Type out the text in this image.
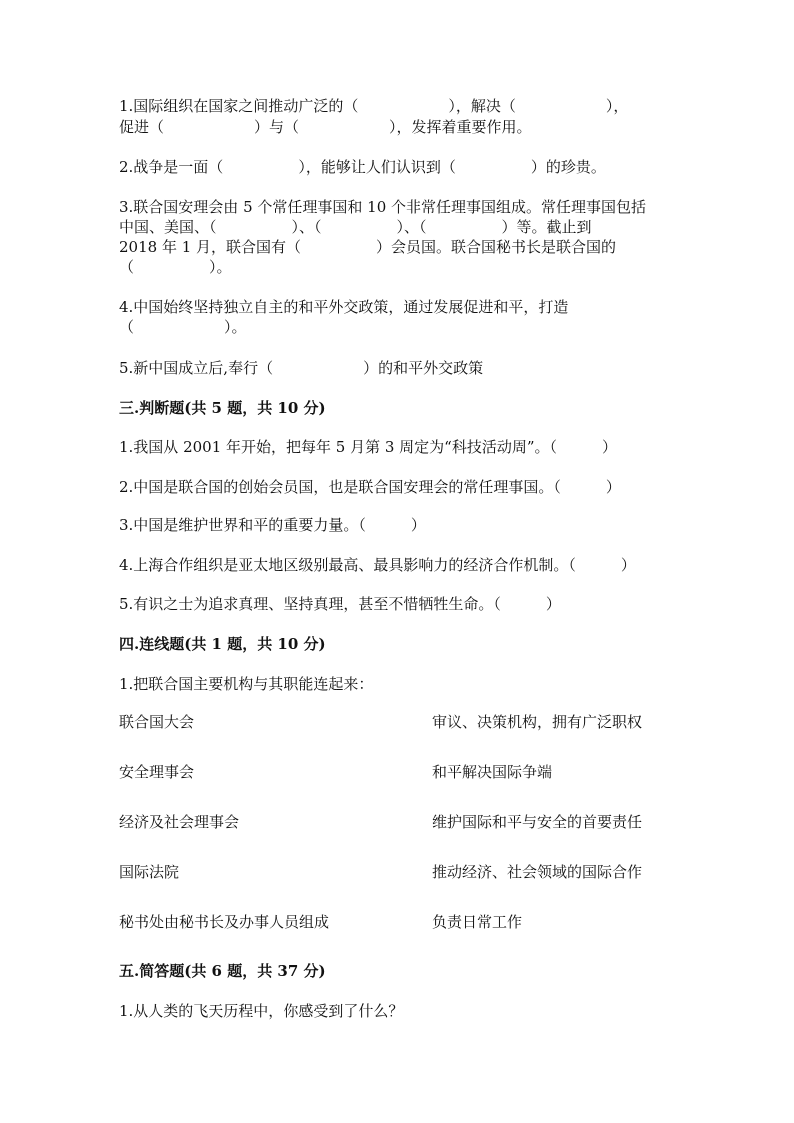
1.国际组织在国家之间推动广泛的（　　　　　　），解决（　　　　　　），
促进（　　　　　　）与（　　　　　　），发挥着重要作用。
2.战争是一面（　　　　　），能够让人们认识到（　　　　　）的珍贵。
3.联合国安理会由 5 个常任理事国和 10 个非常任理事国组成。常任理事国包括
中国、美国、（　　　　　）、（　　　　　）、（　　　　　）等。截止到
2018 年 1 月，联合国有（　　　　　）会员国。联合国秘书长是联合国的
（　　　　　）。
4.中国始终坚持独立自主的和平外交政策，通过发展促进和平，打造
（　　　　　　）。
5.新中国成立后,奉行（　　　　　　）的和平外交政策
三.判断题(共 5 题，共 10 分)
1.我国从 2001 年开始，把每年 5 月第 3 周定为“科技活动周”。（　　　）
2.中国是联合国的创始会员国，也是联合国安理会的常任理事国。（　　　）
3.中国是维护世界和平的重要力量。（　　　）
4.上海合作组织是亚太地区级别最高、最具影响力的经济合作机制。（　　　）
5.有识之士为追求真理、坚持真理，甚至不惜牺牲生命。（　　　）
四.连线题(共 1 题，共 10 分)
1.把联合国主要机构与其职能连起来：
联合国大会	审议、决策机构，拥有广泛职权
安全理事会	和平解决国际争端
经济及社会理事会	维护国际和平与安全的首要责任
国际法院	推动经济、社会领域的国际合作
秘书处由秘书长及办事人员组成	负责日常工作
五.简答题(共 6 题，共 37 分)
1.从人类的飞天历程中，你感受到了什么？
